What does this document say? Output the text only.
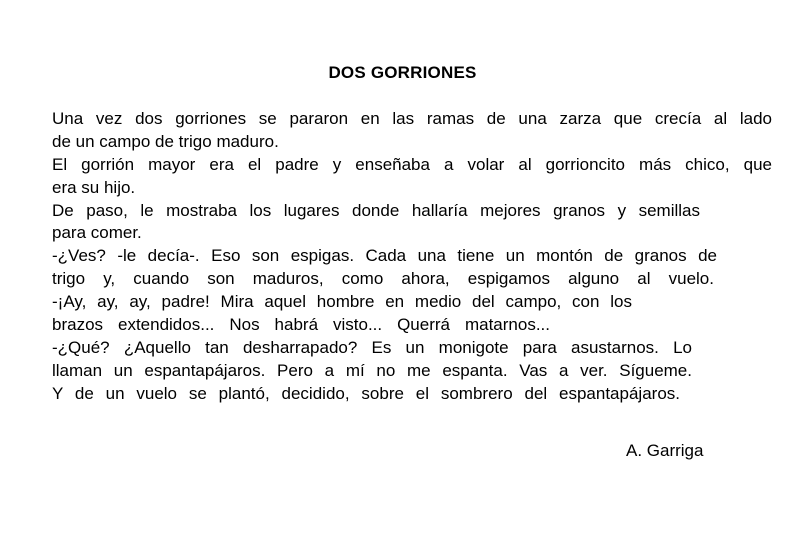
DOS GORRIONES
Una vez dos gorriones se pararon en las ramas de una zarza que crecía al lado
de un campo de trigo maduro.
El gorrión mayor era el padre y enseñaba a volar al gorrioncito más chico, que
era su hijo.
De paso, le mostraba los lugares donde hallaría mejores granos y semillas
para comer.
-¿Ves? -le decía-. Eso son espigas. Cada una tiene un montón de granos de
trigo y, cuando son maduros, como ahora, espigamos alguno al vuelo.
-¡Ay, ay, ay, padre! Mira aquel hombre en medio del campo, con los
brazos extendidos... Nos habrá visto... Querrá matarnos...
-¿Qué? ¿Aquello tan desharrapado? Es un monigote para asustarnos. Lo
llaman un espantapájaros. Pero a mí no me espanta. Vas a ver. Sígueme.
Y de un vuelo se plantó, decidido, sobre el sombrero del espantapájaros.
A. Garriga
